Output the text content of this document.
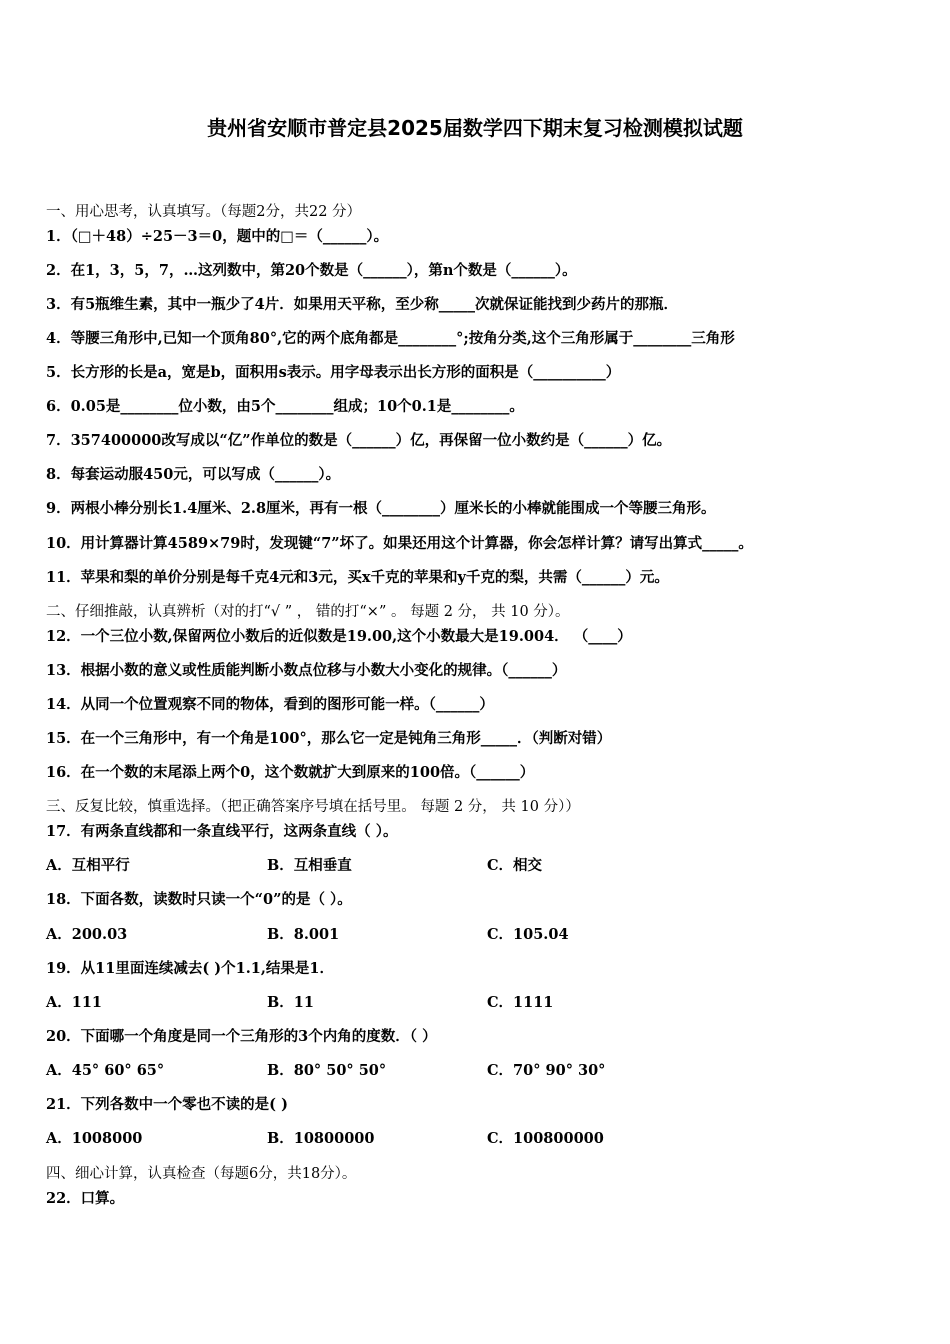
贵州省安顺市普定县2025届数学四下期末复习检测模拟试题
一、用心思考，认真填写。（每题2分，共22 分）
1．（□＋48）÷25－3＝0，题中的□＝（______）。
2．在1，3，5，7，…这列数中，第20个数是（______），第n个数是（______）。
3．有5瓶维生素，其中一瓶少了4片．如果用天平称，至少称_____次就保证能找到少药片的那瓶．
4．等腰三角形中,已知一个顶角80°,它的两个底角都是________°;按角分类,这个三角形属于________三角形
5．长方形的长是a，宽是b，面积用s表示。用字母表示出长方形的面积是（__________）
6．0.05是________位小数，由5个________组成；10个0.1是________。
7．357400000改写成以“亿”作单位的数是（______）亿，再保留一位小数约是（______）亿。
8．每套运动服450元，可以写成（______）。
9．两根小棒分别长1.4厘米、2.8厘米，再有一根（________）厘米长的小棒就能围成一个等腰三角形。
10．用计算器计算4589×79时，发现键“7”坏了。如果还用这个计算器，你会怎样计算？请写出算式_____。
11．苹果和梨的单价分别是每千克4元和3元，买x千克的苹果和y千克的梨，共需（______）元。
二、仔细推敲，认真辨析（对的打“√ ” ， 错的打“×” 。 每题 2 分， 共 10 分）。
12．一个三位小数,保留两位小数后的近似数是19.00,这个小数最大是19.004． （____）
13．根据小数的意义或性质能判断小数点位移与小数大小变化的规律。（______）
14．从同一个位置观察不同的物体，看到的图形可能一样。（______）
15．在一个三角形中，有一个角是100°，那么它一定是钝角三角形_____．（判断对错）
16．在一个数的末尾添上两个0，这个数就扩大到原来的100倍。（______）
三、反复比较，慎重选择。（把正确答案序号填在括号里。 每题 2 分， 共 10 分））
17．有两条直线都和一条直线平行，这两条直线（ ）。
A．互相平行	B．互相垂直	C．相交
18．下面各数，读数时只读一个“0”的是（ ）。
A．200.03	B．8.001	C．105.04
19．从11里面连续减去( )个1.1,结果是1．
A．111	B．11	C．1111
20．下面哪一个角度是同一个三角形的3个内角的度数．（ ）
A．45° 60° 65°	B．80° 50° 50°	C．70° 90° 30°
21．下列各数中一个零也不读的是( )
A．1008000	B．10800000	C．100800000
四、细心计算，认真检查（每题6分，共18分）。
22．口算。
